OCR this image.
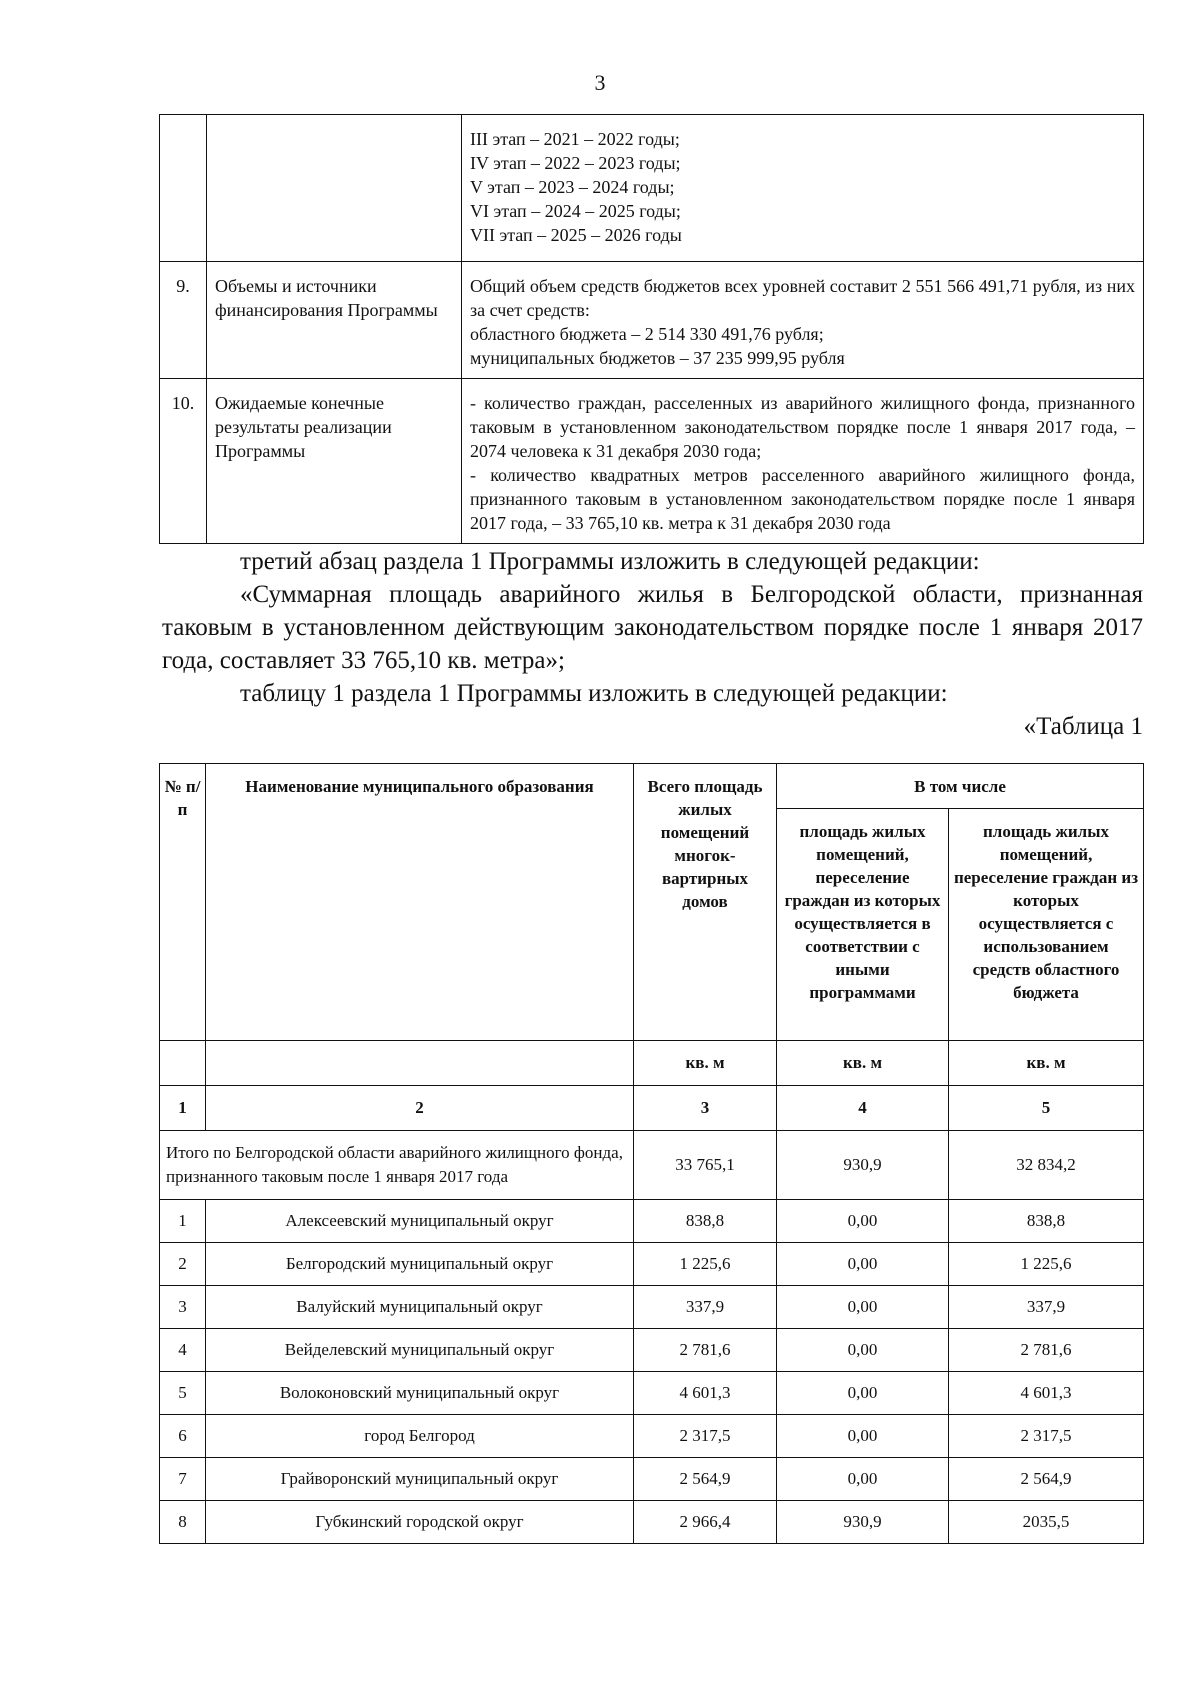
3

		III этап – 2021 – 2022 годы;
IV этап – 2022 – 2023 годы;
V этап – 2023 – 2024 годы;
VI этап – 2024 – 2025 годы;
VII этап – 2025 – 2026 годы

9.	Объемы и источники финансирования Программы	Общий объем средств бюджетов всех уровней составит 2 551 566 491,71 рубля, из них за счет средств:
областного бюджета – 2 514 330 491,76 рубля;
муниципальных бюджетов – 37 235 999,95 рубля

10.	Ожидаемые конечные результаты реализации Программы	- количество граждан, расселенных из аварийного жилищного фонда, признанного таковым в установленном законодательством порядке после 1 января 2017 года, – 2074 человека к 31 декабря 2030 года;
- количество квадратных метров расселенного аварийного жилищного фонда, признанного таковым в установленном законодательством порядке после 1 января 2017 года, – 33 765,10 кв. метра к 31 декабря 2030 года
третий абзац раздела 1 Программы изложить в следующей редакции:
«Суммарная площадь аварийного жилья в Белгородской области, признанная таковым в установленном действующим законодательством порядке после 1 января 2017 года, составляет 33 765,10 кв. метра»;
таблицу 1 раздела 1 Программы изложить в следующей редакции:
«Таблица 1
№ п/п	Наименование муниципального образования	Всего площадь жилых помещений многок-вартирных домов	В том числе	
			площадь жилых помещений, переселение граждан из которых осуществляется в соответствии с иными программами	площадь жилых помещений, переселение граждан из которых осуществляется с использованием средств областного бюджета
		кв. м	кв. м	кв. м
1	2	3	4	5
Итого по Белгородской области аварийного жилищного фонда, признанного таковым после 1 января 2017 года		33 765,1	930,9	32 834,2
1	Алексеевский муниципальный округ	838,8	0,00	838,8
2	Белгородский муниципальный округ	1 225,6	0,00	1 225,6
3	Валуйский муниципальный округ	337,9	0,00	337,9
4	Вейделевский муниципальный округ	2 781,6	0,00	2 781,6
5	Волоконовский муниципальный округ	4 601,3	0,00	4 601,3
6	город Белгород	2 317,5	0,00	2 317,5
7	Грайворонский муниципальный округ	2 564,9	0,00	2 564,9
8	Губкинский городской округ	2 966,4	930,9	2035,5
